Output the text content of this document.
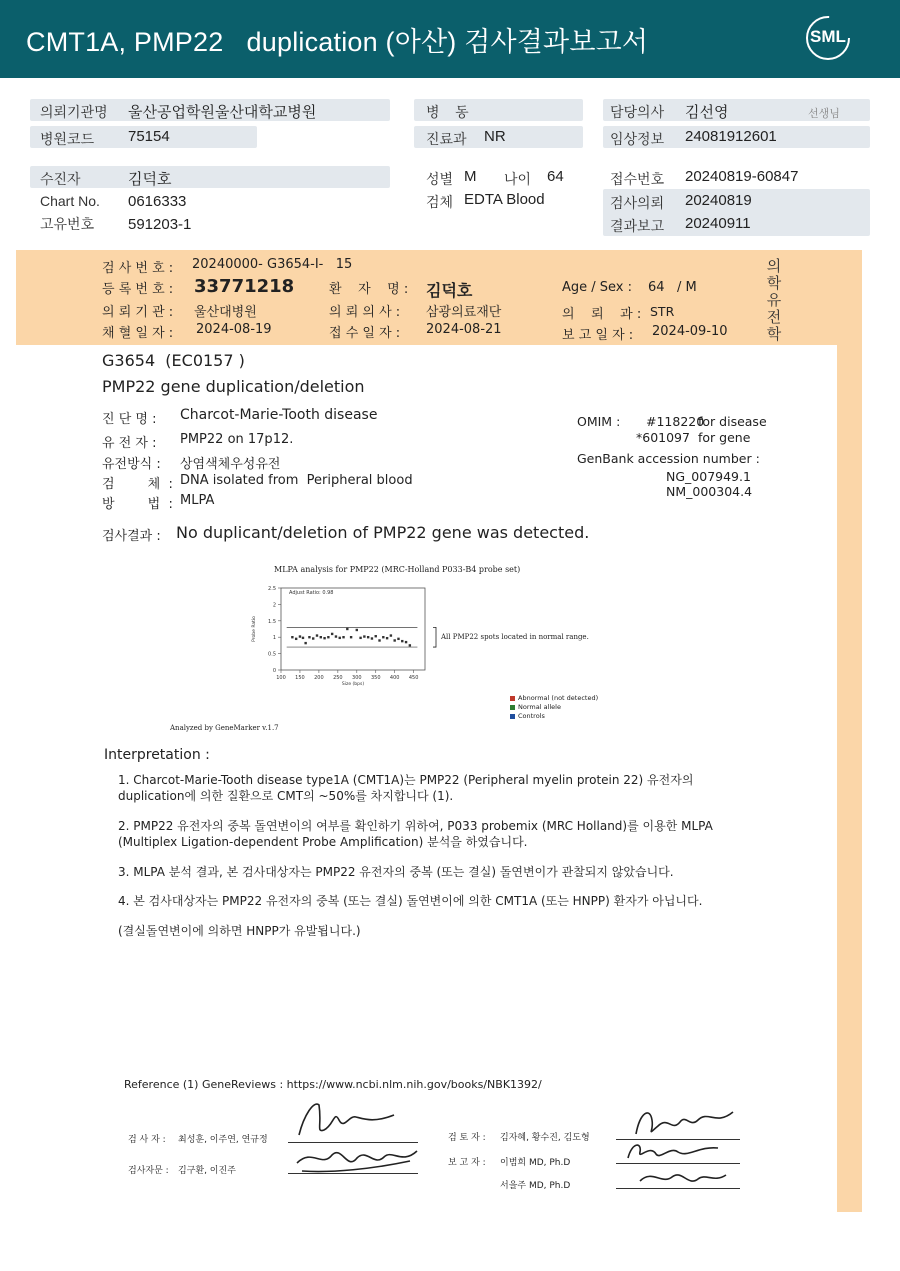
CMT1A, PMP22   duplication (아산) 검사결과보고서	SML
의뢰기관명 울산공업학원울산대학교병원
병원코드 75154
병    동
진료과 NR
담당의사 김선영	선생님
임상정보 24081912601
수진자	김덕호
Chart No. 0616333
고유번호 591203-1
성별 M 나이 64
검체 EDTA Blood
접수번호 20240819-60847
검사의뢰 20240819
결과보고 20240911
검 사 번 호 : 20240000- G3654-I-   15
등 록 번 호 : 33771218	환    자    명 : 김덕호	Age / Sex : 64   / M
의 뢰 기 관 : 울산대병원	의 뢰 의 사 : 삼광의료재단	의    뢰    과 : STR
채 혈 일 자 : 2024-08-19	접 수 일 자 : 2024-08-21	보 고 일 자 : 2024-09-10
의
학
유
전
학
G3654  (EC0157 )
PMP22 gene duplication/deletion
진 단 명 : Charcot-Marie-Tooth disease
유 전 자 : PMP22 on 17p12.
유전방식 : 상염색체우성유전
검        체  : DNA isolated from  Peripheral blood
방        법  : MLPA
OMIM : #118220
for disease
*601097 for gene
GenBank accession number :
NG_007949.1
NM_000304.4
검사결과 : No duplicant/deletion of PMP22 gene was detected.
MLPA analysis for PMP22 (MRC-Holland P033-B4 probe set)
0
0.5
1
1.5
2
2.5
100 150 200 250 300 350 400 450
Size (bps)
Probe Ratio
Adjust Ratio: 0.98
All PMP22 spots located in normal range.
Analyzed by GeneMarker v.1.7
Abnormal (not detected)
Normal allele
Controls
Interpretation :
1. Charcot-Marie-Tooth disease type1A (CMT1A)는 PMP22 (Peripheral myelin protein 22) 유전자의 duplication에 의한 질환으로 CMT의 ~50%를 차지합니다 (1).
2. PMP22 유전자의 중복 돌연변이의 여부를 확인하기 위하여, P033 probemix (MRC Holland)를 이용한 MLPA (Multiplex Ligation-dependent Probe Amplification) 분석을 하였습니다.
3. MLPA 분석 결과, 본 검사대상자는 PMP22 유전자의 중복 (또는 결실) 돌연변이가 관찰되지 않았습니다.
4. 본 검사대상자는 PMP22 유전자의 중복 (또는 결실) 돌연변이에 의한 CMT1A (또는 HNPP) 환자가 아닙니다.
(결실돌연변이에 의하면 HNPP가 유발됩니다.)
Reference (1) GeneReviews : https://www.ncbi.nlm.nih.gov/books/NBK1392/
검 사 자 : 최성훈, 이주연, 연규정
검사자문 : 김구환, 이진주
검 토 자 : 김자혜, 황수진, 김도형
보 고 자 : 이범희 MD, Ph.D
서을주 MD, Ph.D
